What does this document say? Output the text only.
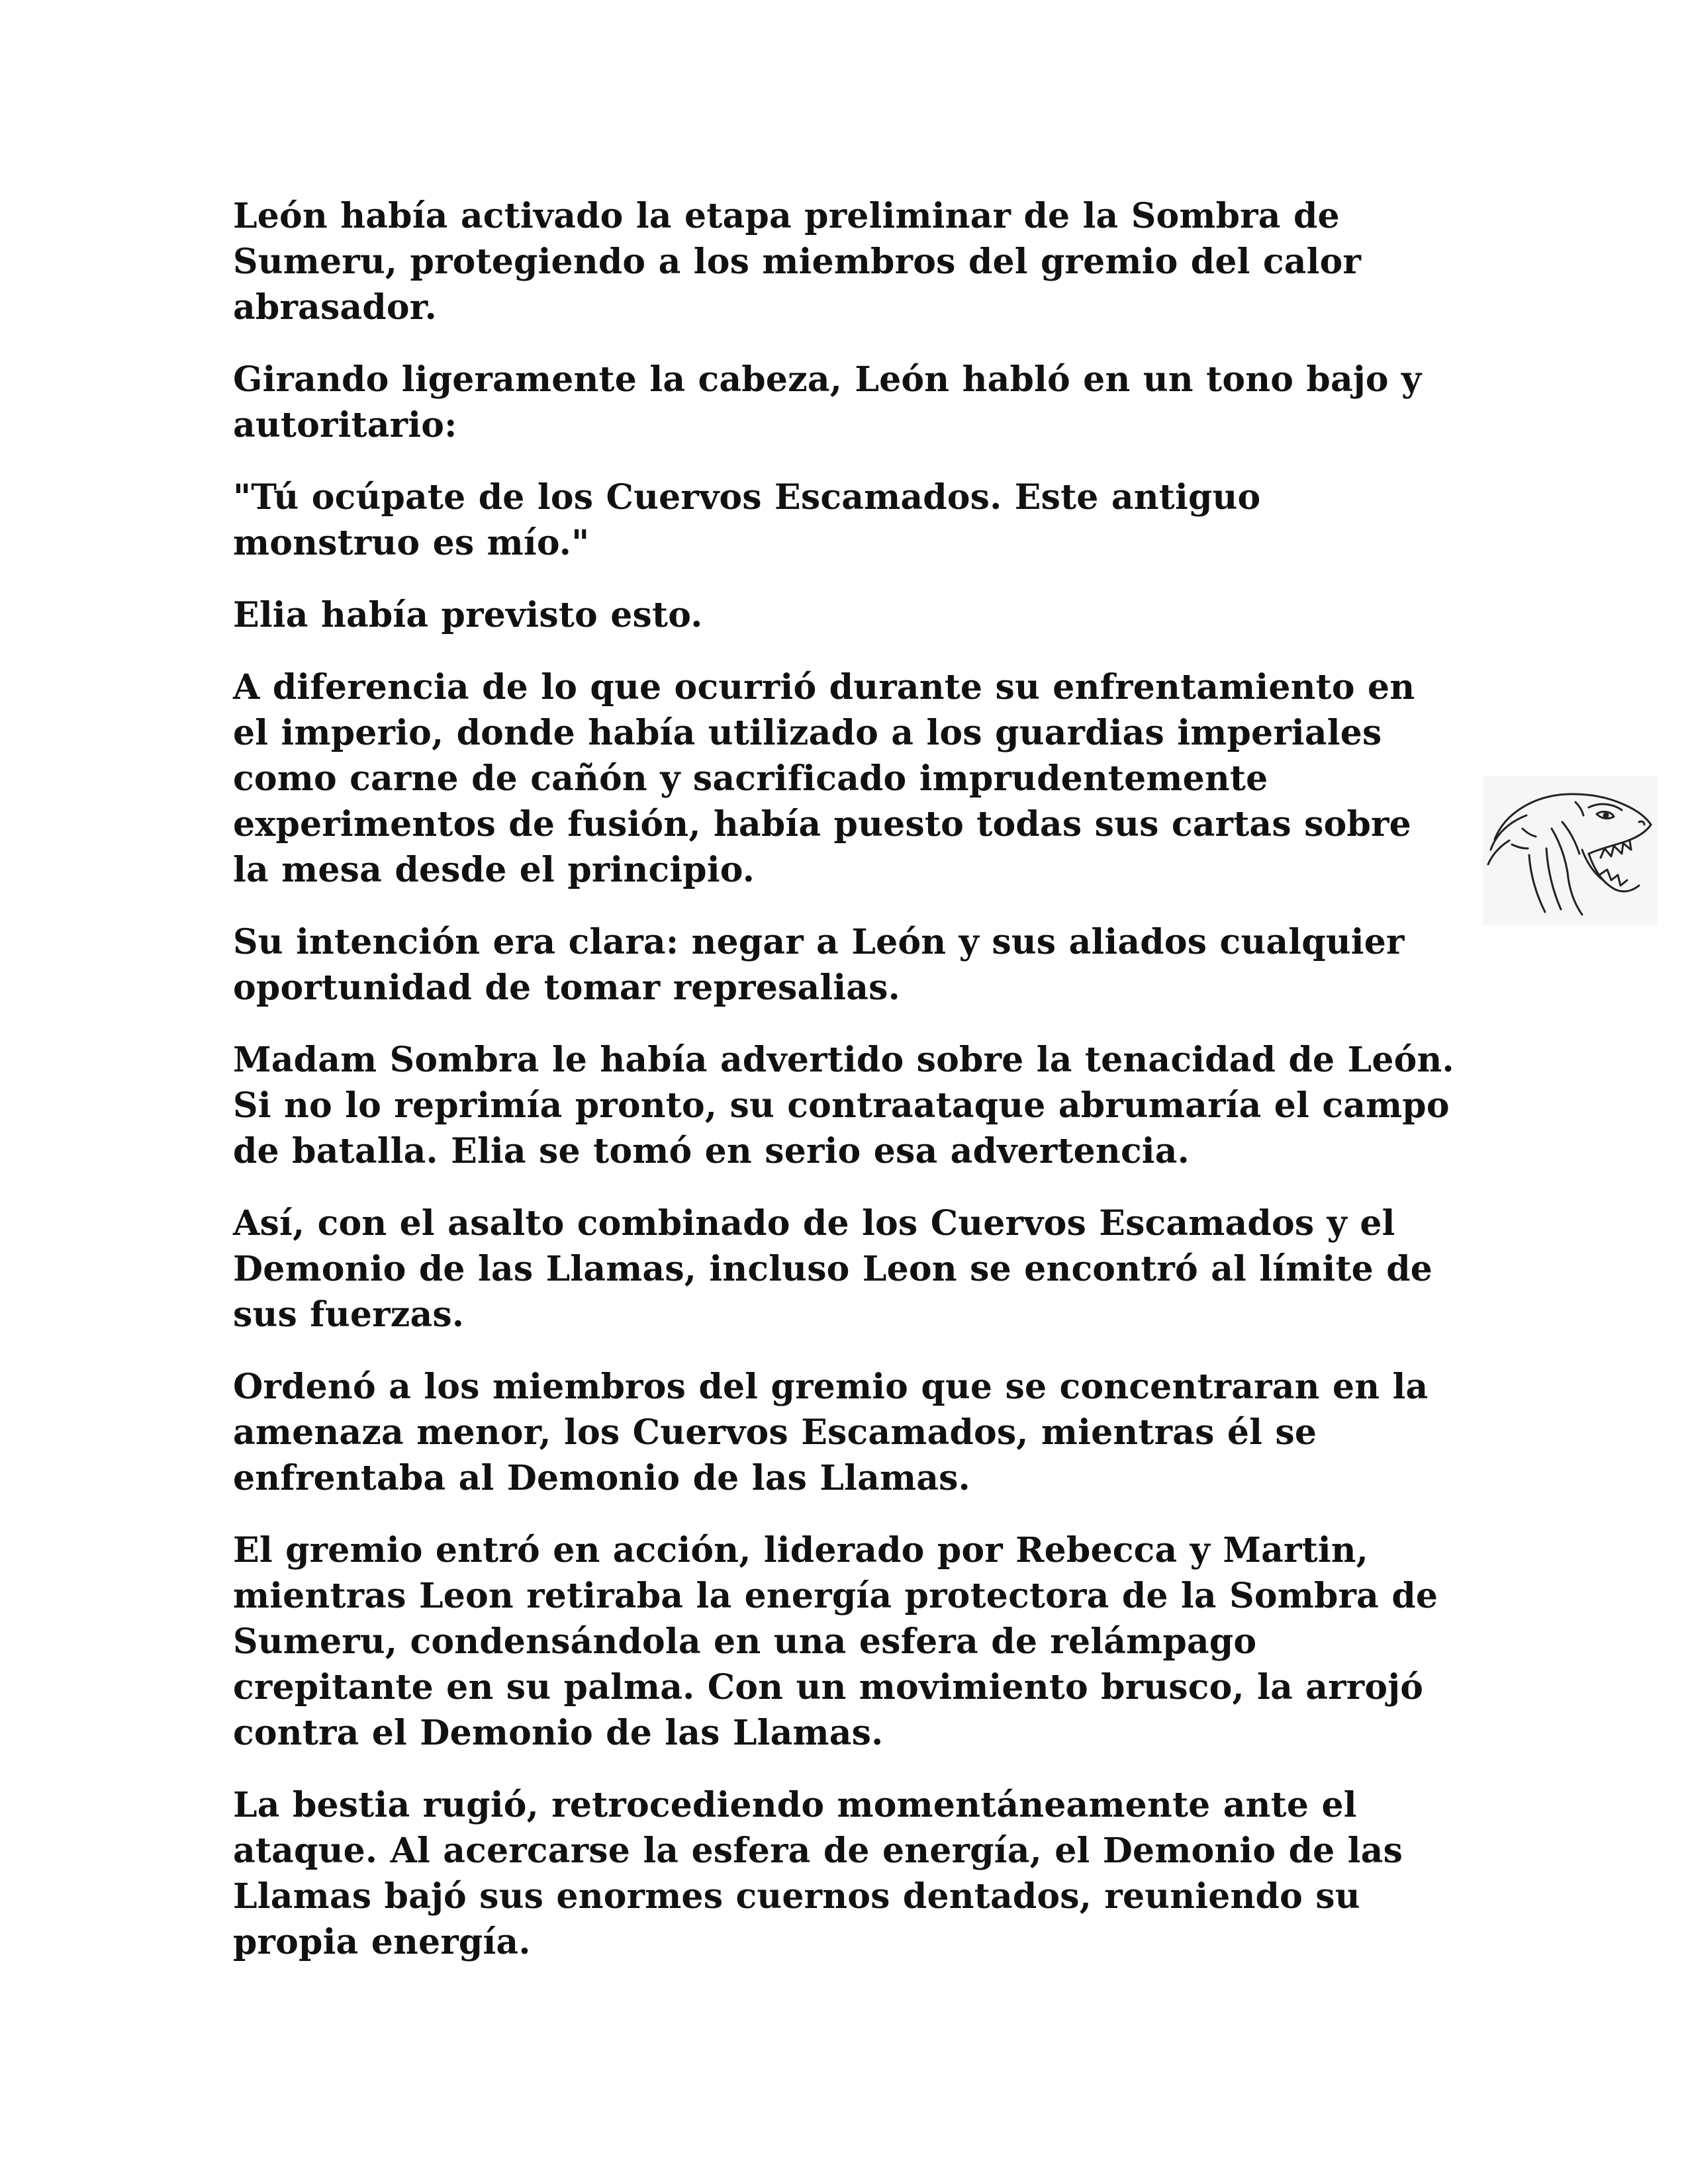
León había activado la etapa preliminar de la Sombra de Sumeru, protegiendo a los miembros del gremio del calor abrasador.

Girando ligeramente la cabeza, León habló en un tono bajo y autoritario:

"Tú ocúpate de los Cuervos Escamados. Este antiguo monstruo es mío."

Elia había previsto esto.

A diferencia de lo que ocurrió durante su enfrentamiento en el imperio, donde había utilizado a los guardias imperiales como carne de cañón y sacrificado imprudentemente experimentos de fusión, había puesto todas sus cartas sobre la mesa desde el principio.

Su intención era clara: negar a León y sus aliados cualquier oportunidad de tomar represalias.

Madam Sombra le había advertido sobre la tenacidad de León. Si no lo reprimía pronto, su contraataque abrumaría el campo de batalla. Elia se tomó en serio esa advertencia.

Así, con el asalto combinado de los Cuervos Escamados y el Demonio de las Llamas, incluso Leon se encontró al límite de sus fuerzas.

Ordenó a los miembros del gremio que se concentraran en la amenaza menor, los Cuervos Escamados, mientras él se enfrentaba al Demonio de las Llamas.

El gremio entró en acción, liderado por Rebecca y Martin, mientras Leon retiraba la energía protectora de la Sombra de Sumeru, condensándola en una esfera de relámpago crepitante en su palma. Con un movimiento brusco, la arrojó contra el Demonio de las Llamas.

La bestia rugió, retrocediendo momentáneamente ante el ataque. Al acercarse la esfera de energía, el Demonio de las Llamas bajó sus enormes cuernos dentados, reuniendo su propia energía.
